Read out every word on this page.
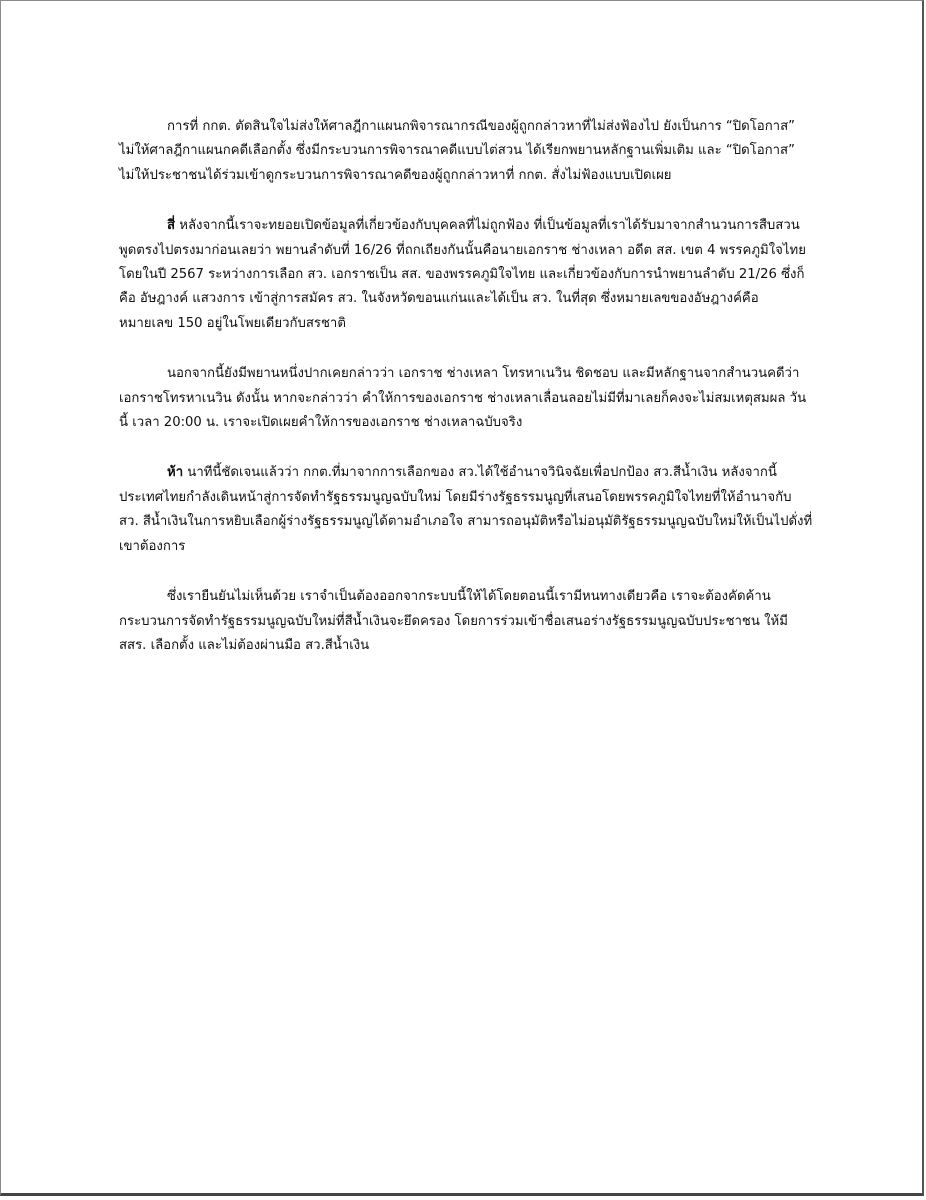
การที่ กกต. ตัดสินใจไม่ส่งให้ศาลฎีกาแผนกพิจารณากรณีของผู้ถูกกล่าวหาที่ไม่ส่งฟ้องไป ยังเป็นการ “ปิดโอกาส” ไม่ให้ศาลฎีกาแผนกคดีเลือกตั้ง ซึ่งมีกระบวนการพิจารณาคดีแบบไต่สวน ได้เรียกพยานหลักฐานเพิ่มเติม และ “ปิดโอกาส” ไม่ให้ประชาชนได้ร่วมเข้าดูกระบวนการพิจารณาคดีของผู้ถูกกล่าวหาที่ กกต. สั่งไม่ฟ้องแบบเปิดเผย

สี่ หลังจากนี้เราจะทยอยเปิดข้อมูลที่เกี่ยวข้องกับบุคคลที่ไม่ถูกฟ้อง ที่เป็นข้อมูลที่เราได้รับมาจากสำนวนการสืบสวน พูดตรงไปตรงมาก่อนเลยว่า พยานลำดับที่ 16/26 ที่ถกเถียงกันนั้นคือนายเอกราช ช่างเหลา อดีต สส. เขต 4 พรรคภูมิใจไทย โดยในปี 2567 ระหว่างการเลือก สว. เอกราชเป็น สส. ของพรรคภูมิใจไทย และเกี่ยวข้องกับการนำพยานลำดับ 21/26 ซึ่งก็คือ อัษฎางค์ แสวงการ เข้าสู่การสมัคร สว. ในจังหวัดขอนแก่นและได้เป็น สว. ในที่สุด ซึ่งหมายเลขของอัษฎางค์คือ หมายเลข 150 อยู่ในโพยเดียวกับสรชาติ

นอกจากนี้ยังมีพยานหนึ่งปากเคยกล่าวว่า เอกราช ช่างเหลา โทรหาเนวิน ชิดชอบ และมีหลักฐานจากสำนวนคดีว่า เอกราชโทรหาเนวิน ดังนั้น หากจะกล่าวว่า คำให้การของเอกราช ช่างเหลาเลื่อนลอยไม่มีที่มาเลยก็คงจะไม่สมเหตุสมผล วันนี้ เวลา 20:00 น. เราจะเปิดเผยคำให้การของเอกราช ช่างเหลาฉบับจริง

ห้า นาทีนี้ชัดเจนแล้วว่า กกต.ที่มาจากการเลือกของ สว.ได้ใช้อำนาจวินิจฉัยเพื่อปกป้อง สว.สีน้ำเงิน หลังจากนี้ ประเทศไทยกำลังเดินหน้าสู่การจัดทำรัฐธรรมนูญฉบับใหม่ โดยมีร่างรัฐธรรมนูญที่เสนอโดยพรรคภูมิใจไทยที่ให้อำนาจกับ สว. สีน้ำเงินในการหยิบเลือกผู้ร่างรัฐธรรมนูญได้ตามอำเภอใจ สามารถอนุมัติหรือไม่อนุมัติรัฐธรรมนูญฉบับใหม่ให้เป็นไปดั่งที่เขาต้องการ

ซึ่งเรายืนยันไม่เห็นด้วย เราจำเป็นต้องออกจากระบบนี้ให้ได้โดยตอนนี้เรามีหนทางเดียวคือ เราจะต้องคัดค้าน กระบวนการจัดทำรัฐธรรมนูญฉบับใหม่ที่สีน้ำเงินจะยึดครอง โดยการร่วมเข้าชื่อเสนอร่างรัฐธรรมนูญฉบับประชาชน ให้มี สสร. เลือกตั้ง และไม่ต้องผ่านมือ สว.สีน้ำเงิน
